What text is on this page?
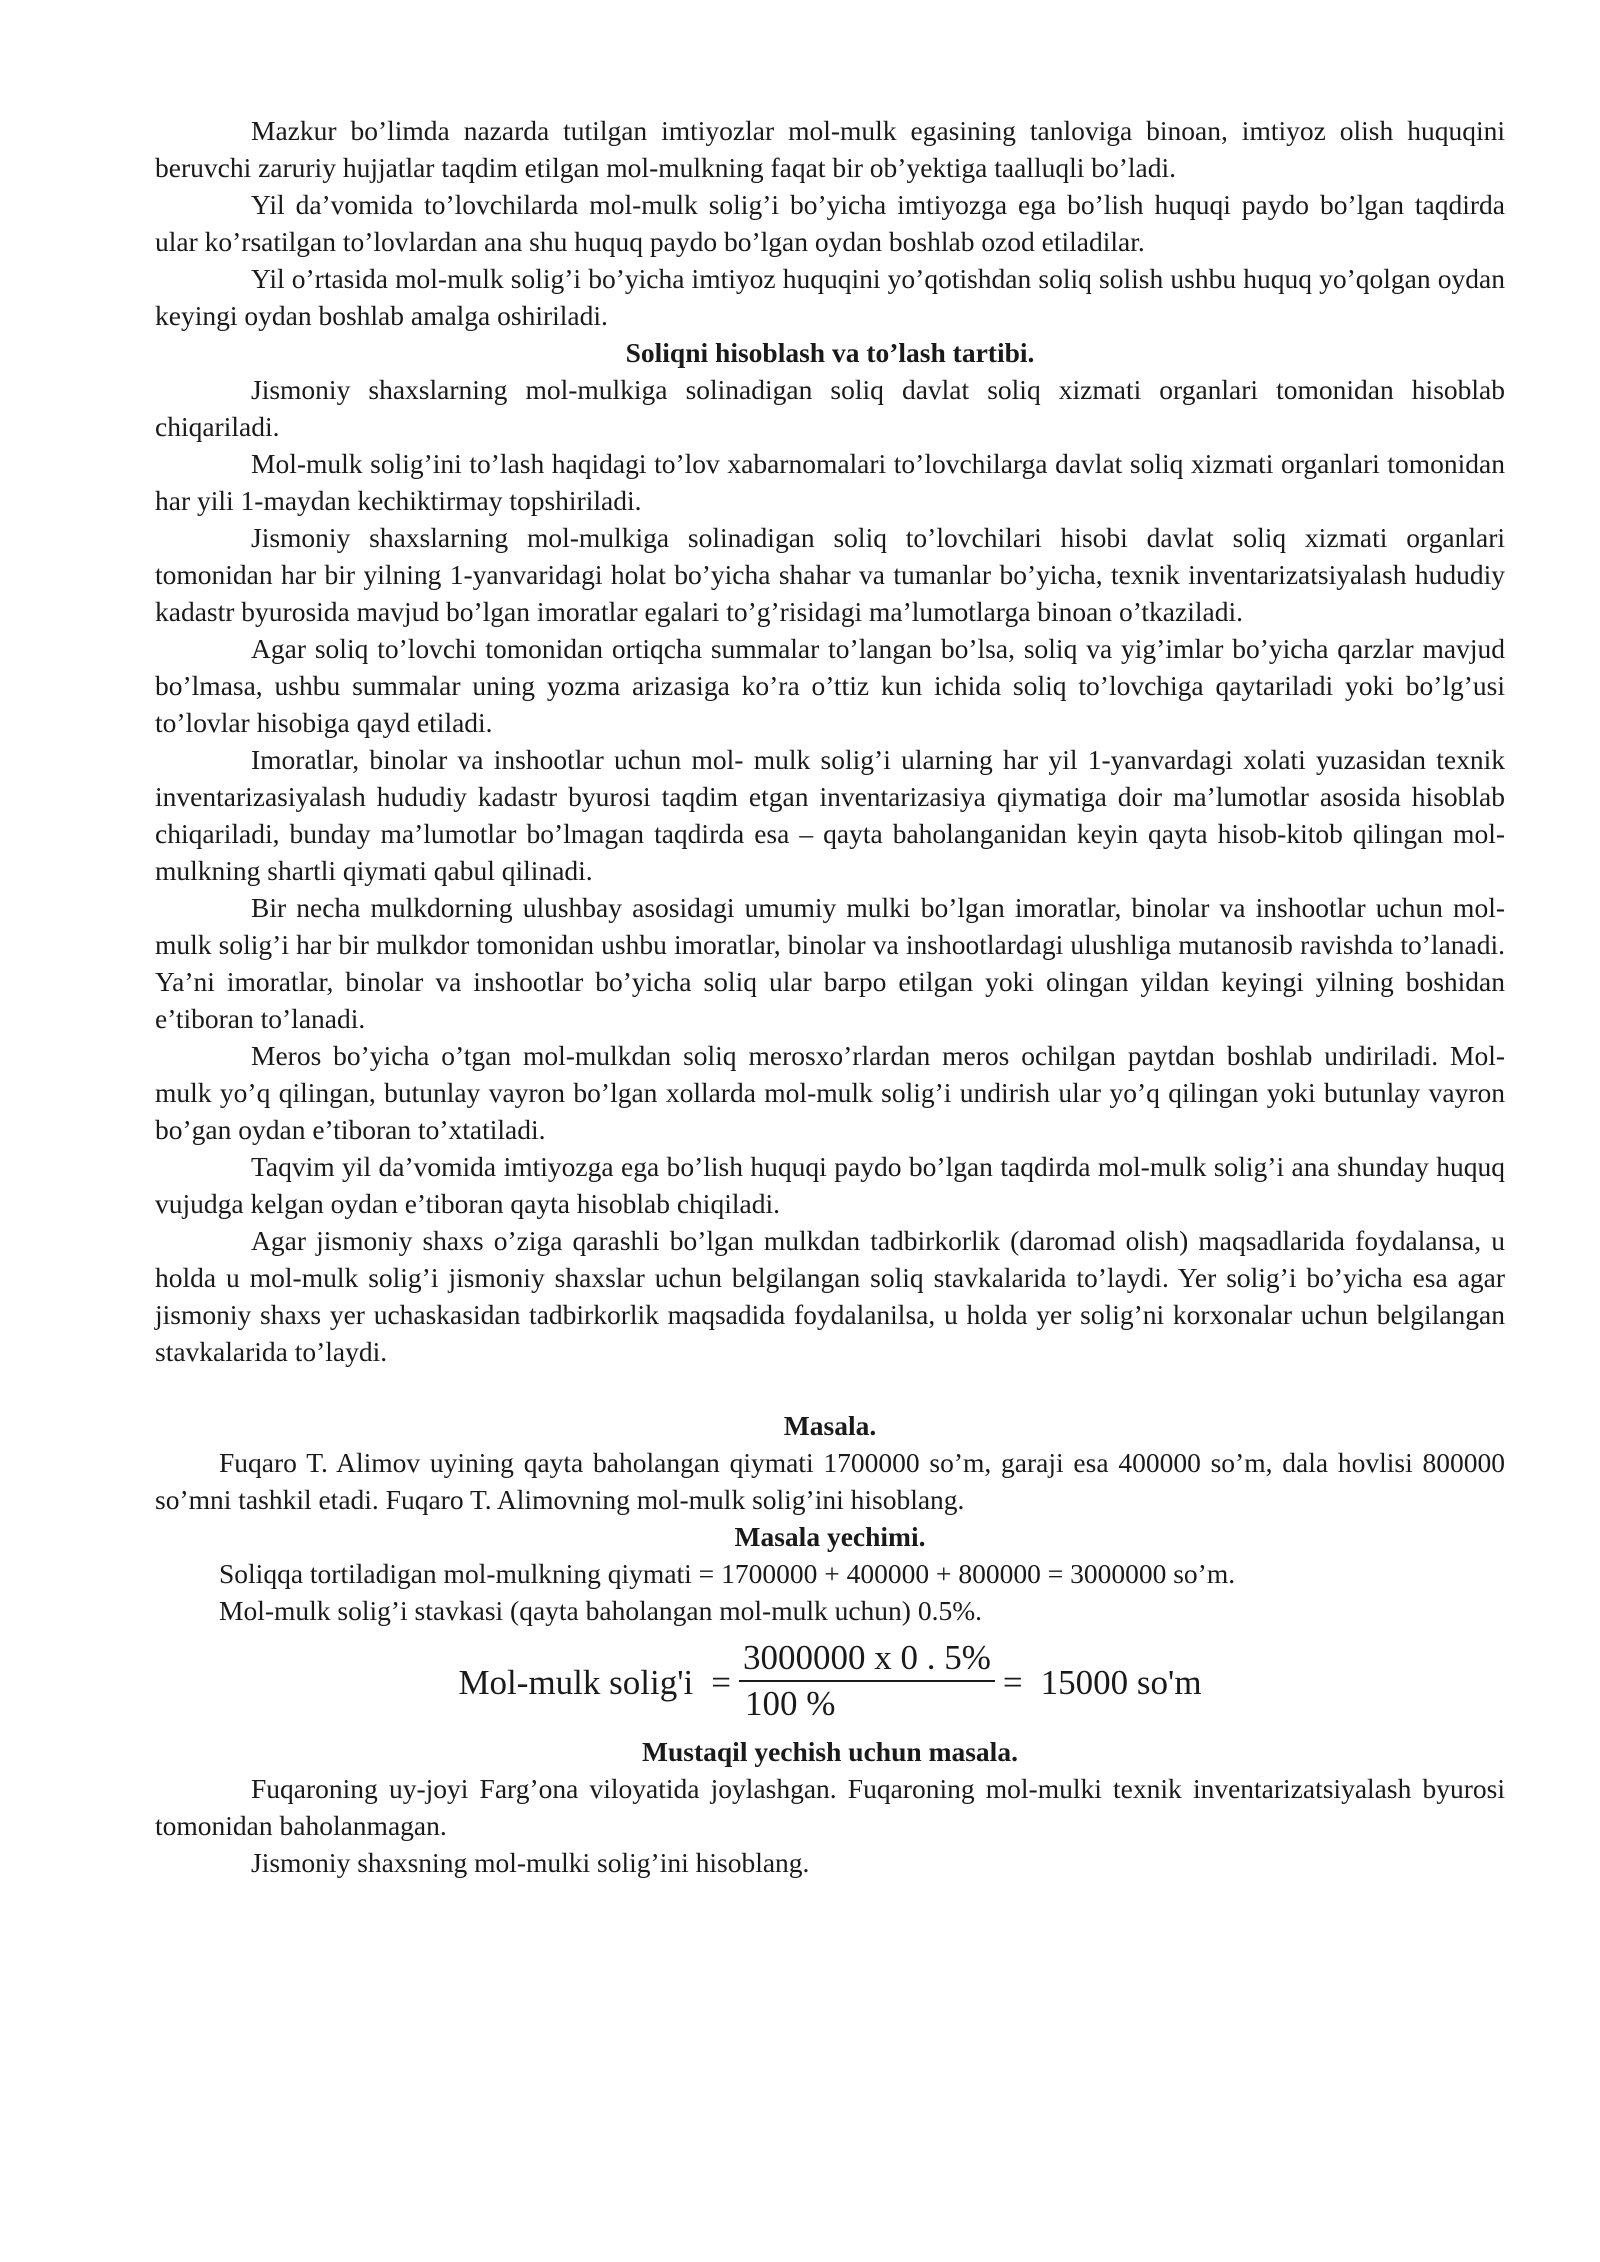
Mazkur bo’limda nazarda tutilgan imtiyozlar mol-mulk egasining tanloviga binoan, imtiyoz olish huquqini beruvchi zaruriy hujjatlar taqdim etilgan mol-mulkning faqat bir ob’yektiga taalluqli bo’ladi.

Yil da’vomida to’lovchilarda mol-mulk solig’i bo’yicha imtiyozga ega bo’lish huquqi paydo bo’lgan taqdirda ular ko’rsatilgan to’lovlardan ana shu huquq paydo bo’lgan oydan boshlab ozod etiladilar.

Yil o’rtasida mol-mulk solig’i bo’yicha imtiyoz huquqini yo’qotishdan soliq solish ushbu huquq yo’qolgan oydan keyingi oydan boshlab amalga oshiriladi.

Soliqni hisoblash va to’lash tartibi.

Jismoniy shaxslarning mol-mulkiga solinadigan soliq davlat soliq xizmati organlari tomonidan hisoblab chiqariladi.

Mol-mulk solig’ini to’lash haqidagi to’lov xabarnomalari to’lovchilarga davlat soliq xizmati organlari tomonidan har yili 1-maydan kechiktirmay topshiriladi.

Jismoniy shaxslarning mol-mulkiga solinadigan soliq to’lovchilari hisobi davlat soliq xizmati organlari tomonidan har bir yilning 1-yanvaridagi holat bo’yicha shahar va tumanlar bo’yicha, texnik inventarizatsiyalash hududiy kadastr byurosida mavjud bo’lgan imoratlar egalari to’g’risidagi ma’lumotlarga binoan o’tkaziladi.

Agar soliq to’lovchi tomonidan ortiqcha summalar to’langan bo’lsa, soliq va yig’imlar bo’yicha qarzlar mavjud bo’lmasa, ushbu summalar uning yozma arizasiga ko’ra o’ttiz kun ichida soliq to’lovchiga qaytariladi yoki bo’lg’usi to’lovlar hisobiga qayd etiladi.

Imoratlar, binolar va inshootlar uchun mol- mulk solig’i ularning har yil 1-yanvardagi xolati yuzasidan texnik inventarizasiyalash hududiy kadastr byurosi taqdim etgan inventarizasiya qiymatiga doir ma’lumotlar asosida hisoblab chiqariladi, bunday ma’lumotlar bo’lmagan taqdirda esa – qayta baholanganidan keyin qayta hisob-kitob qilingan mol-mulkning shartli qiymati qabul qilinadi.

Bir necha mulkdorning ulushbay asosidagi umumiy mulki bo’lgan imoratlar, binolar va inshootlar uchun mol-mulk solig’i har bir mulkdor tomonidan ushbu imoratlar, binolar va inshootlardagi ulushliga mutanosib ravishda to’lanadi. Ya’ni imoratlar, binolar va inshootlar bo’yicha soliq ular barpo etilgan yoki olingan yildan keyingi yilning boshidan e’tiboran to’lanadi.

Meros bo’yicha o’tgan mol-mulkdan soliq merosxo’rlardan meros ochilgan paytdan boshlab undiriladi. Mol-mulk yo’q qilingan, butunlay vayron bo’lgan xollarda mol-mulk solig’i undirish ular yo’q qilingan yoki butunlay vayron bo’gan oydan e’tiboran to’xtatiladi.

Taqvim yil da’vomida imtiyozga ega bo’lish huquqi paydo bo’lgan taqdirda mol-mulk solig’i ana shunday huquq vujudga kelgan oydan e’tiboran qayta hisoblab chiqiladi.

Agar jismoniy shaxs o’ziga qarashli bo’lgan mulkdan tadbirkorlik (daromad olish) maqsadlarida foydalansa, u holda u mol-mulk solig’i jismoniy shaxslar uchun belgilangan soliq stavkalarida to’laydi. Yer solig’i bo’yicha esa agar jismoniy shaxs yer uchaskasidan tadbirkorlik maqsadida foydalanilsa, u holda yer solig’ni korxonalar uchun belgilangan stavkalarida to’laydi.

Masala.

Fuqaro T. Alimov uyining qayta baholangan qiymati 1700000 so’m, garaji esa 400000 so’m, dala hovlisi 800000 so’mni tashkil etadi. Fuqaro T. Alimovning mol-mulk solig’ini hisoblang.

Masala yechimi.

Soliqqa tortiladigan mol-mulkning qiymati = 1700000 + 400000 + 800000 = 3000000 so’m.

Mol-mulk solig’i stavkasi (qayta baholangan mol-mulk uchun) 0.5%.

Mol-mulk solig'i = $\frac{3000000 x 0 . 5\%}{100 \%} = 15000$ so'm

Mustaqil yechish uchun masala.

Fuqaroning uy-joyi Farg’ona viloyatida joylashgan. Fuqaroning mol-mulki texnik inventarizatsiyalash byurosi tomonidan baholanmagan.

Jismoniy shaxsning mol-mulki solig’ini hisoblang.
